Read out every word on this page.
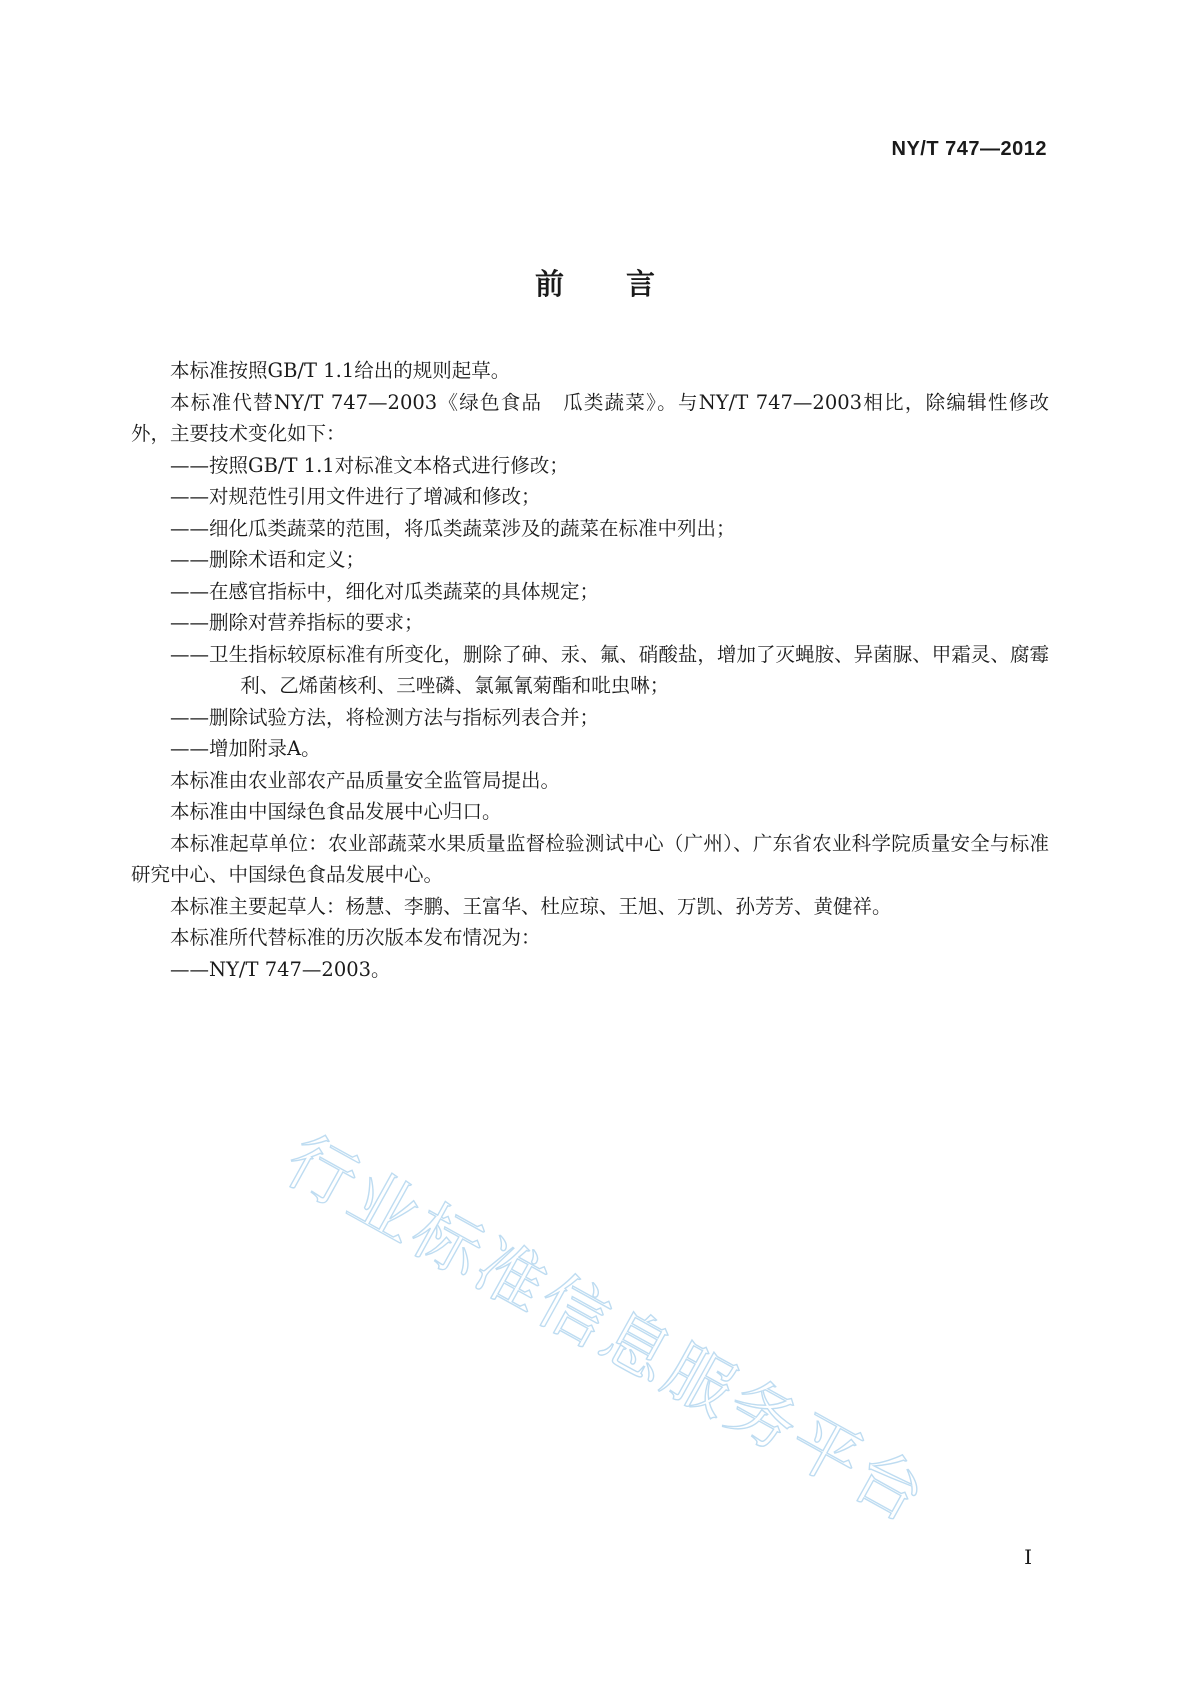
NY/T 747—2012
前言

本标准按照GB/T 1.1给出的规则起草。

本标准代替NY/T 747—2003《绿色食品　瓜类蔬菜》。与NY/T 747—2003相比，除编辑性修改外，主要技术变化如下：

——按照GB/T 1.1对标准文本格式进行修改；

——对规范性引用文件进行了增减和修改；

——细化瓜类蔬菜的范围，将瓜类蔬菜涉及的蔬菜在标准中列出；

——删除术语和定义；

——在感官指标中，细化对瓜类蔬菜的具体规定；

——删除对营养指标的要求；

——卫生指标较原标准有所变化，删除了砷、汞、氟、硝酸盐，增加了灭蝇胺、异菌脲、甲霜灵、腐霉利、乙烯菌核利、三唑磷、氯氟氰菊酯和吡虫啉；

——删除试验方法，将检测方法与指标列表合并；

——增加附录A。

本标准由农业部农产品质量安全监管局提出。

本标准由中国绿色食品发展中心归口。

本标准起草单位：农业部蔬菜水果质量监督检验测试中心（广州）、广东省农业科学院质量安全与标准研究中心、中国绿色食品发展中心。

本标准主要起草人：杨慧、李鹏、王富华、杜应琼、王旭、万凯、孙芳芳、黄健祥。

本标准所代替标准的历次版本发布情况为：

——NY/T 747—2003。

行业标准信息服务平台
I
